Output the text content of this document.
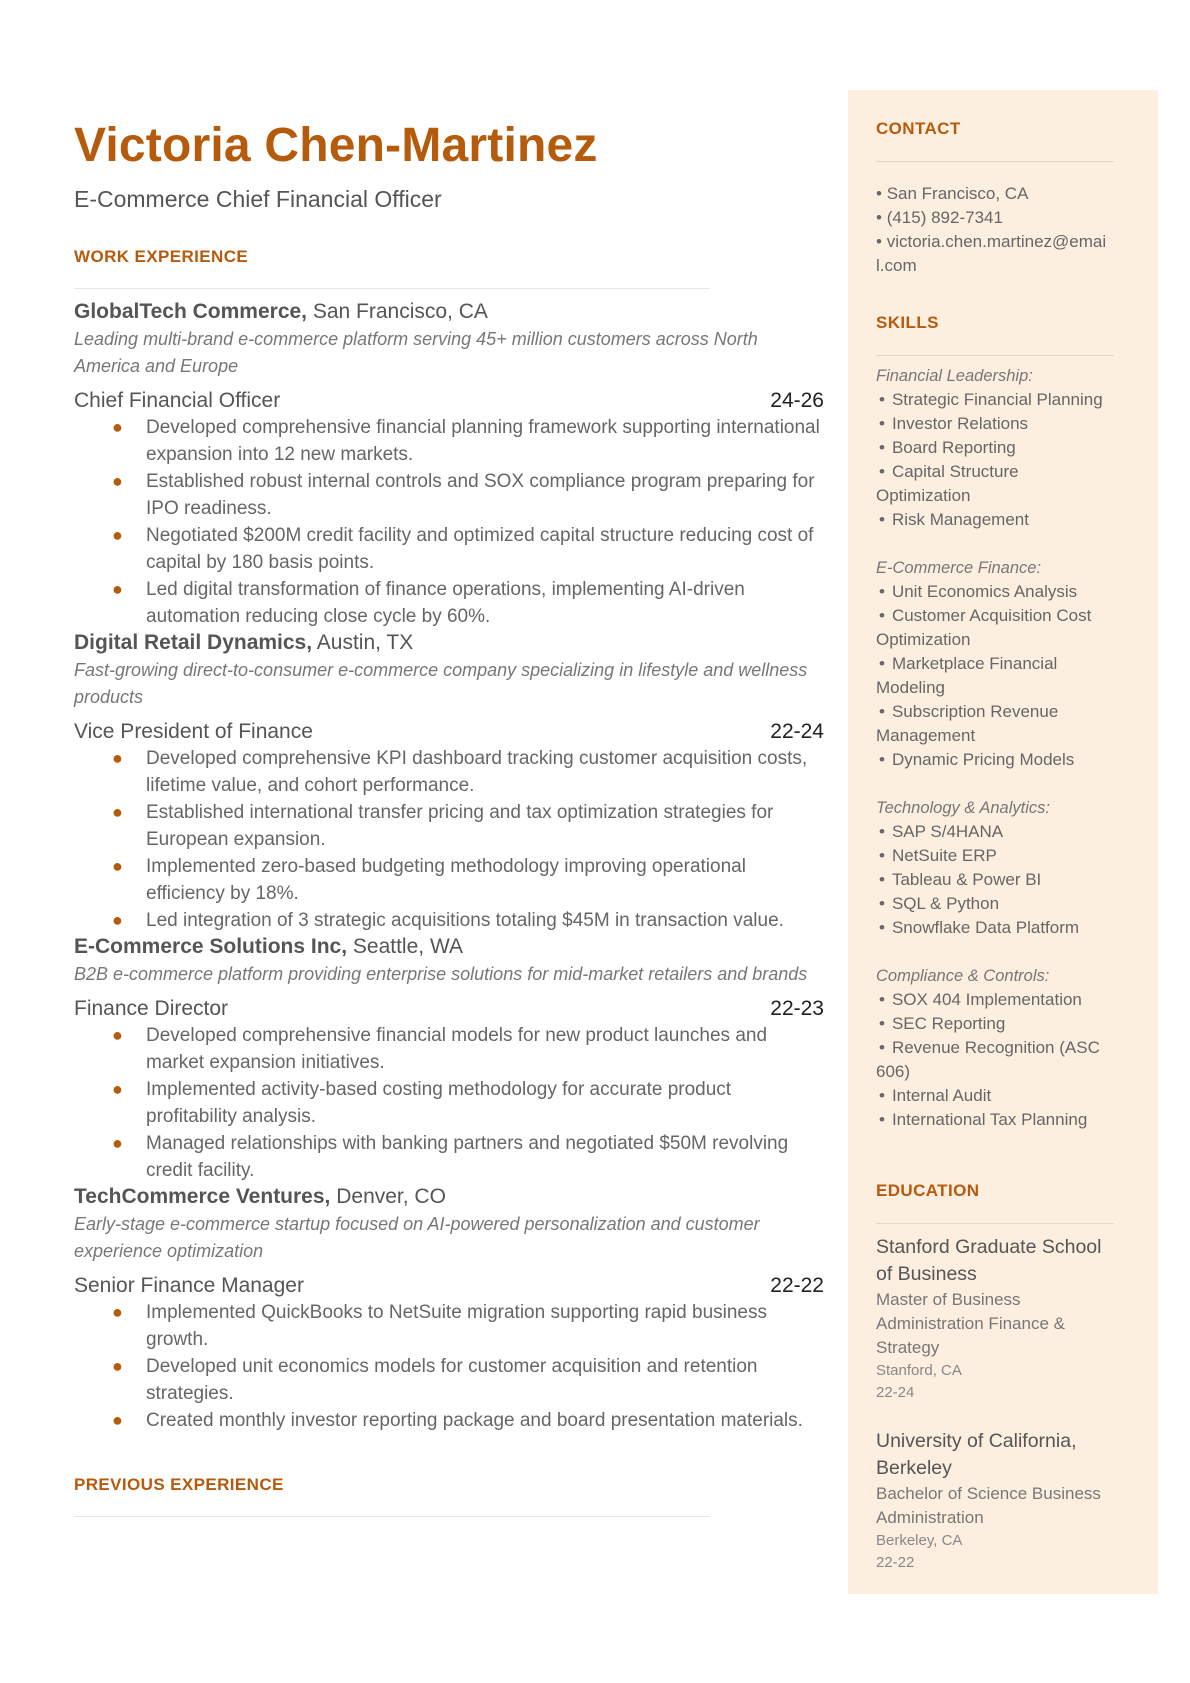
Victoria Chen-Martinez
E-Commerce Chief Financial Officer
WORK EXPERIENCE
GlobalTech Commerce, San Francisco, CA
Leading multi-brand e-commerce platform serving 45+ million customers across North America and Europe
Chief Financial Officer	24-26
● Developed comprehensive financial planning framework supporting international expansion into 12 new markets.
● Established robust internal controls and SOX compliance program preparing for IPO readiness.
● Negotiated $200M credit facility and optimized capital structure reducing cost of capital by 180 basis points.
● Led digital transformation of finance operations, implementing AI-driven automation reducing close cycle by 60%.
Digital Retail Dynamics, Austin, TX
Fast-growing direct-to-consumer e-commerce company specializing in lifestyle and wellness products
Vice President of Finance	22-24
● Developed comprehensive KPI dashboard tracking customer acquisition costs, lifetime value, and cohort performance.
● Established international transfer pricing and tax optimization strategies for European expansion.
● Implemented zero-based budgeting methodology improving operational efficiency by 18%.
● Led integration of 3 strategic acquisitions totaling $45M in transaction value.
E-Commerce Solutions Inc, Seattle, WA
B2B e-commerce platform providing enterprise solutions for mid-market retailers and brands
Finance Director	22-23
● Developed comprehensive financial models for new product launches and market expansion initiatives.
● Implemented activity-based costing methodology for accurate product profitability analysis.
● Managed relationships with banking partners and negotiated $50M revolving credit facility.
TechCommerce Ventures, Denver, CO
Early-stage e-commerce startup focused on AI-powered personalization and customer experience optimization
Senior Finance Manager	22-22
● Implemented QuickBooks to NetSuite migration supporting rapid business growth.
● Developed unit economics models for customer acquisition and retention strategies.
● Created monthly investor reporting package and board presentation materials.
PREVIOUS EXPERIENCE
CONTACT
• San Francisco, CA
• (415) 892-7341
• victoria.chen.martinez@email.com
SKILLS
Financial Leadership:
• Strategic Financial Planning
• Investor Relations
• Board Reporting
• Capital Structure Optimization
• Risk Management
E-Commerce Finance:
• Unit Economics Analysis
• Customer Acquisition Cost Optimization
• Marketplace Financial Modeling
• Subscription Revenue Management
• Dynamic Pricing Models
Technology & Analytics:
• SAP S/4HANA
• NetSuite ERP
• Tableau & Power BI
• SQL & Python
• Snowflake Data Platform
Compliance & Controls:
• SOX 404 Implementation
• SEC Reporting
• Revenue Recognition (ASC 606)
• Internal Audit
• International Tax Planning
EDUCATION
Stanford Graduate School of Business
Master of Business Administration Finance & Strategy
Stanford, CA
22-24
University of California, Berkeley
Bachelor of Science Business Administration
Berkeley, CA
22-22
